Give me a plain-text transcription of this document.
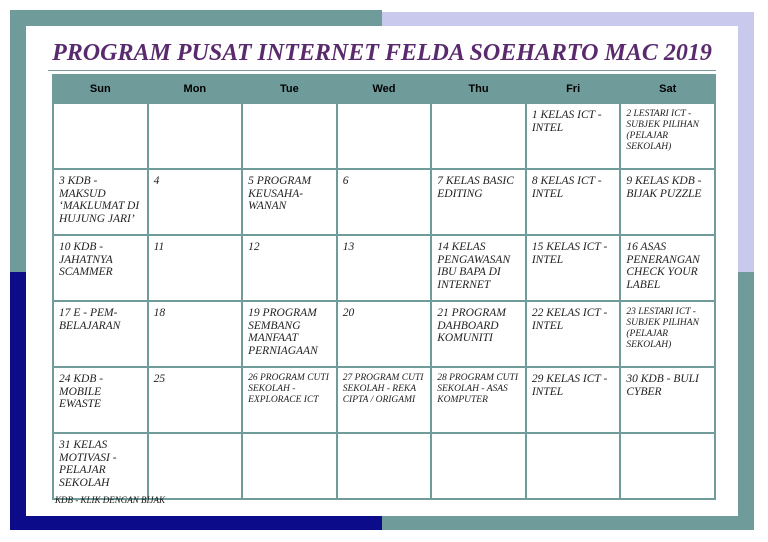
PROGRAM PUSAT INTERNET FELDA SOEHARTO MAC 2019
Sun	Mon	Tue	Wed	Thu	Fri	Sat
					1 KELAS ICT - INTEL	2 LESTARI ICT - SUBJEK PILIHAN (PELAJAR SEKOLAH)
3 KDB - MAKSUD ‘MAKLUMAT DI HUJUNG JARI’	4	5 PROGRAM KEUSAHA-WANAN	6	7 KELAS BASIC EDITING	8 KELAS ICT - INTEL	9 KELAS KDB - BIJAK PUZZLE
10 KDB - JAHATNYA SCAMMER	11	12	13	14 KELAS PENGAWASAN IBU BAPA DI INTERNET	15 KELAS ICT - INTEL	16 ASAS PENERANGAN CHECK YOUR LABEL
17 E - PEM-BELAJARAN	18	19 PROGRAM SEMBANG MANFAAT PERNIAGAAN	20	21 PROGRAM DAHBOARD KOMUNITI	22 KELAS ICT - INTEL	23 LESTARI ICT - SUBJEK PILIHAN (PELAJAR SEKOLAH)
24 KDB - MOBILE EWASTE	25	26 PROGRAM CUTI SEKOLAH - EXPLORACE ICT	27 PROGRAM CUTI SEKOLAH - REKA CIPTA / ORIGAMI	28 PROGRAM CUTI SEKOLAH - ASAS KOMPUTER	29 KELAS ICT - INTEL	30 KDB - BULI CYBER
31 KELAS MOTIVASI - PELAJAR SEKOLAH						

KDB - KLIK DENGAN BIJAK
